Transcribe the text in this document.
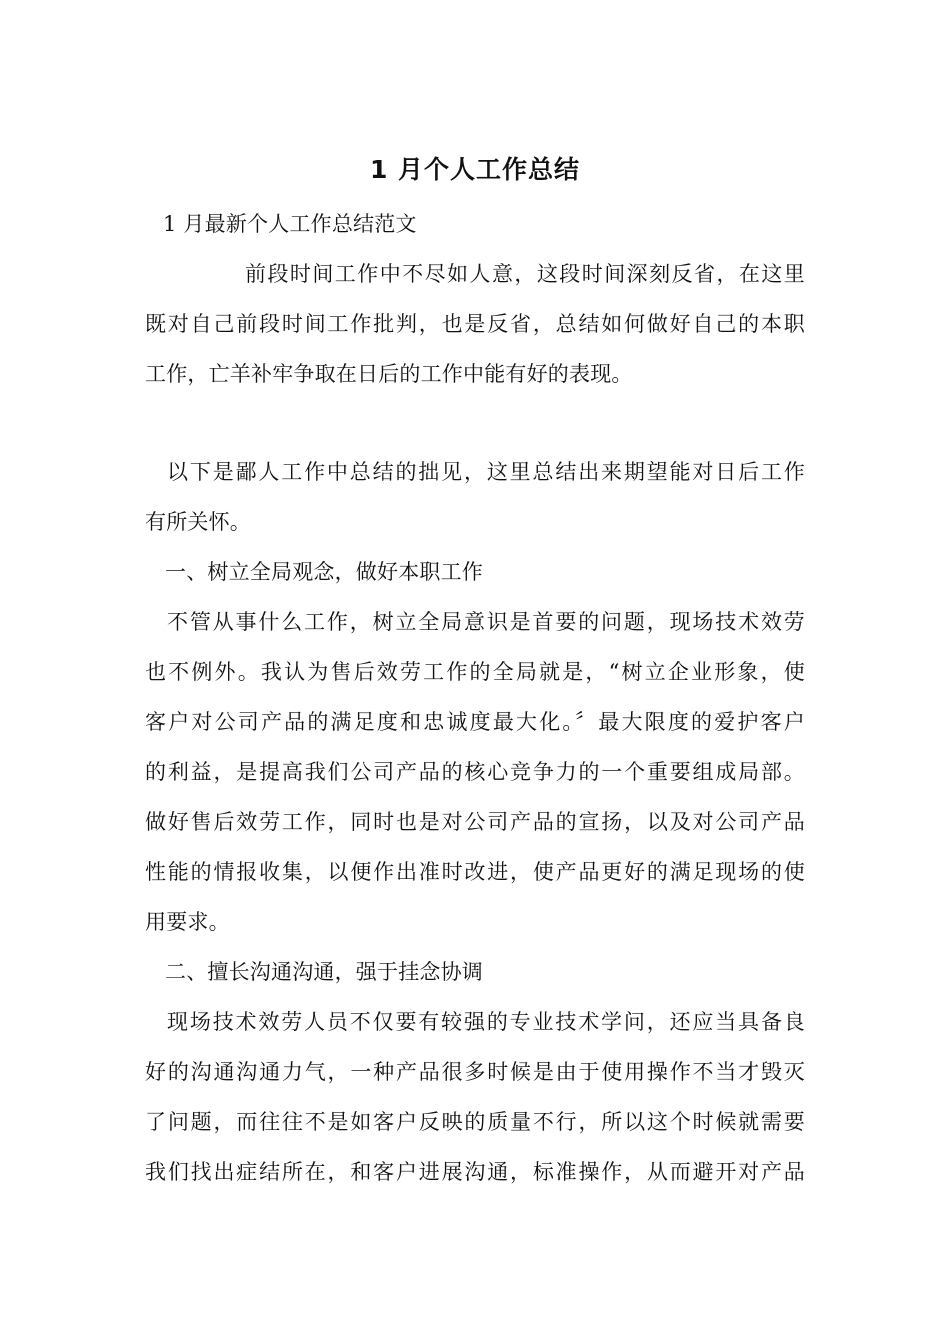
1 月个人工作总结
1 月最新个人工作总结范文
前段时间工作中不尽如人意，这段时间深刻反省，在这里
既对自己前段时间工作批判，也是反省，总结如何做好自己的本职
工作，亡羊补牢争取在日后的工作中能有好的表现。
以下是鄙人工作中总结的拙见，这里总结出来期望能对日后工作
有所关怀。
一、树立全局观念，做好本职工作
不管从事什么工作，树立全局意识是首要的问题，现场技术效劳
也不例外。我认为售后效劳工作的全局就是，“树立企业形象，使
客户对公司产品的满足度和忠诚度最大化。〞最大限度的爱护客户
的利益，是提高我们公司产品的核心竞争力的一个重要组成局部。
做好售后效劳工作，同时也是对公司产品的宣扬，以及对公司产品
性能的情报收集，以便作出准时改进，使产品更好的满足现场的使
用要求。
二、擅长沟通沟通，强于挂念协调
现场技术效劳人员不仅要有较强的专业技术学问，还应当具备良
好的沟通沟通力气，一种产品很多时候是由于使用操作不当才毁灭
了问题，而往往不是如客户反映的质量不行，所以这个时候就需要
我们找出症结所在，和客户进展沟通，标准操作，从而避开对产品
